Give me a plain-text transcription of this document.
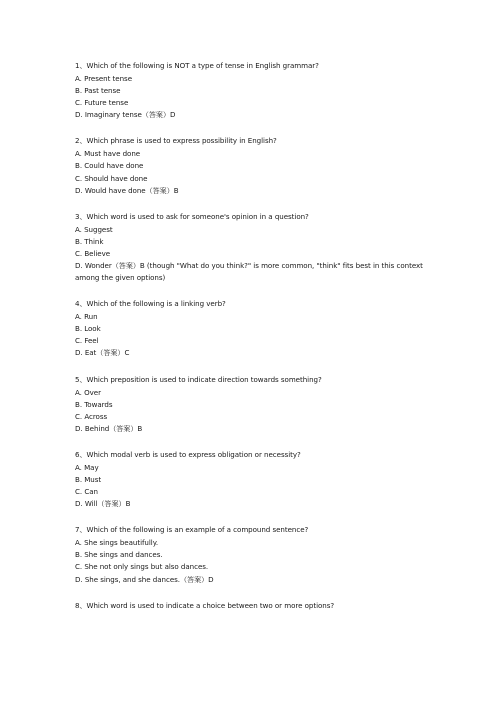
1、Which of the following is NOT a type of tense in English grammar?

A. Present tense

B. Past tense

C. Future tense

D. Imaginary tense（答案）D

2、Which phrase is used to express possibility in English?

A. Must have done

B. Could have done

C. Should have done

D. Would have done（答案）B

3、Which word is used to ask for someone's opinion in a question?

A. Suggest

B. Think

C. Believe

D. Wonder（答案）B (though "What do you think?" is more common, "think" fits best in this context among the given options)

4、Which of the following is a linking verb?

A. Run

B. Look

C. Feel

D. Eat（答案）C

5、Which preposition is used to indicate direction towards something?

A. Over

B. Towards

C. Across

D. Behind（答案）B

6、Which modal verb is used to express obligation or necessity?

A. May

B. Must

C. Can

D. Will（答案）B

7、Which of the following is an example of a compound sentence?

A. She sings beautifully.

B. She sings and dances.

C. She not only sings but also dances.

D. She sings, and she dances.（答案）D

8、Which word is used to indicate a choice between two or more options?
